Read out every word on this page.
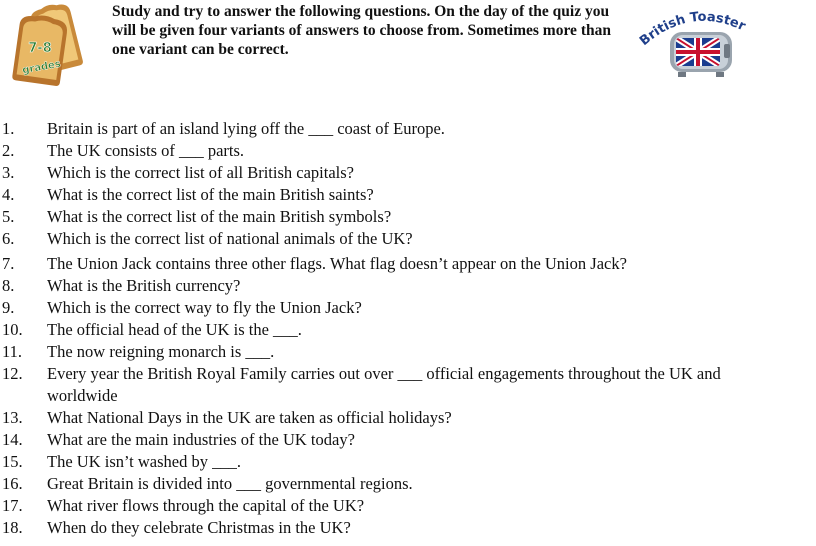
7-8
grades
Study and try to answer the following questions. On the day of the quiz you will be given four variants of answers to choose from. Sometimes more than one variant can be correct.
British Toaster
1.	Britain is part of an island lying off the ___ coast of Europe.
2.	The UK consists of ___ parts.
3.	Which is the correct list of all British capitals?
4.	What is the correct list of the main British saints?
5.	What is the correct list of the main British symbols?
6.	Which is the correct list of national animals of the UK?
7.	The Union Jack contains three other flags. What flag doesn’t appear on the Union Jack?
8.	What is the British currency?
9.	Which is the correct way to fly the Union Jack?
10.	The official head of the UK is the ___.
11.	The now reigning monarch is ___.
12.	Every year the British Royal Family carries out over ___ official engagements throughout the UK and worldwide
13.	What National Days in the UK are taken as official holidays?
14.	What are the main industries of the UK today?
15.	The UK isn’t washed by ___.
16.	Great Britain is divided into ___ governmental regions.
17.	What river flows through the capital of the UK?
18.	When do they celebrate Christmas in the UK?
